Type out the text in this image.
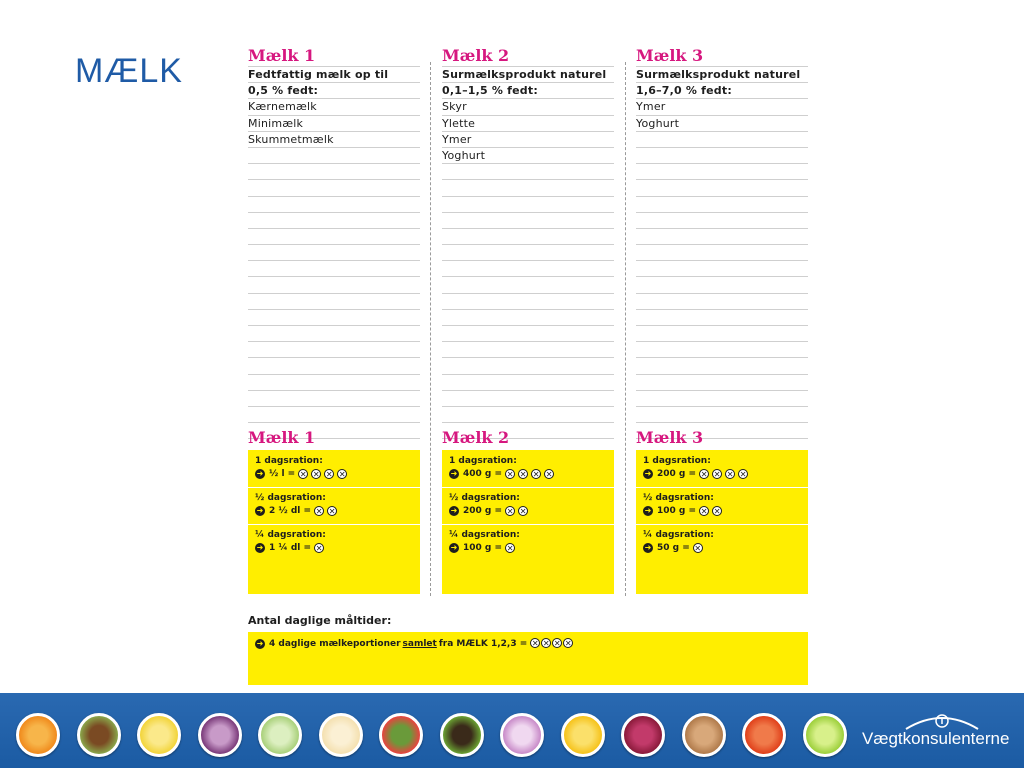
MÆLK	Mælk 1
Fedtfattig mælk op til
0,5 % fedt:
Kærnemælk
Minimælk
Skummetmælk
Mælk 2
Surmælksprodukt naturel
0,1–1,5 % fedt:
Skyr
Ylette
Ymer
Yoghurt
Mælk 3
Surmælksprodukt naturel
1,6–7,0 % fedt:
Ymer
Yoghurt
Mælk 1	Mælk 2	Mælk 3
1 dagsration:
➜ ½ l = ✕ ✕ ✕ ✕
½ dagsration:
➜ 2 ½ dl = ✕ ✕
¼ dagsration:
➜ 1 ¼ dl = ✕
1 dagsration:
➜ 400 g = ✕ ✕ ✕ ✕
½ dagsration:
➜ 200 g = ✕ ✕
¼ dagsration:
➜ 100 g = ✕
1 dagsration:
➜ 200 g = ✕ ✕ ✕ ✕
½ dagsration:
➜ 100 g = ✕ ✕
¼ dagsration:
➜ 50 g = ✕
Antal daglige måltider:
➜ 4 daglige mælkeportioner samlet fra MÆLK 1,2,3 = ✕ ✕ ✕ ✕
Vægtkonsulenterne
